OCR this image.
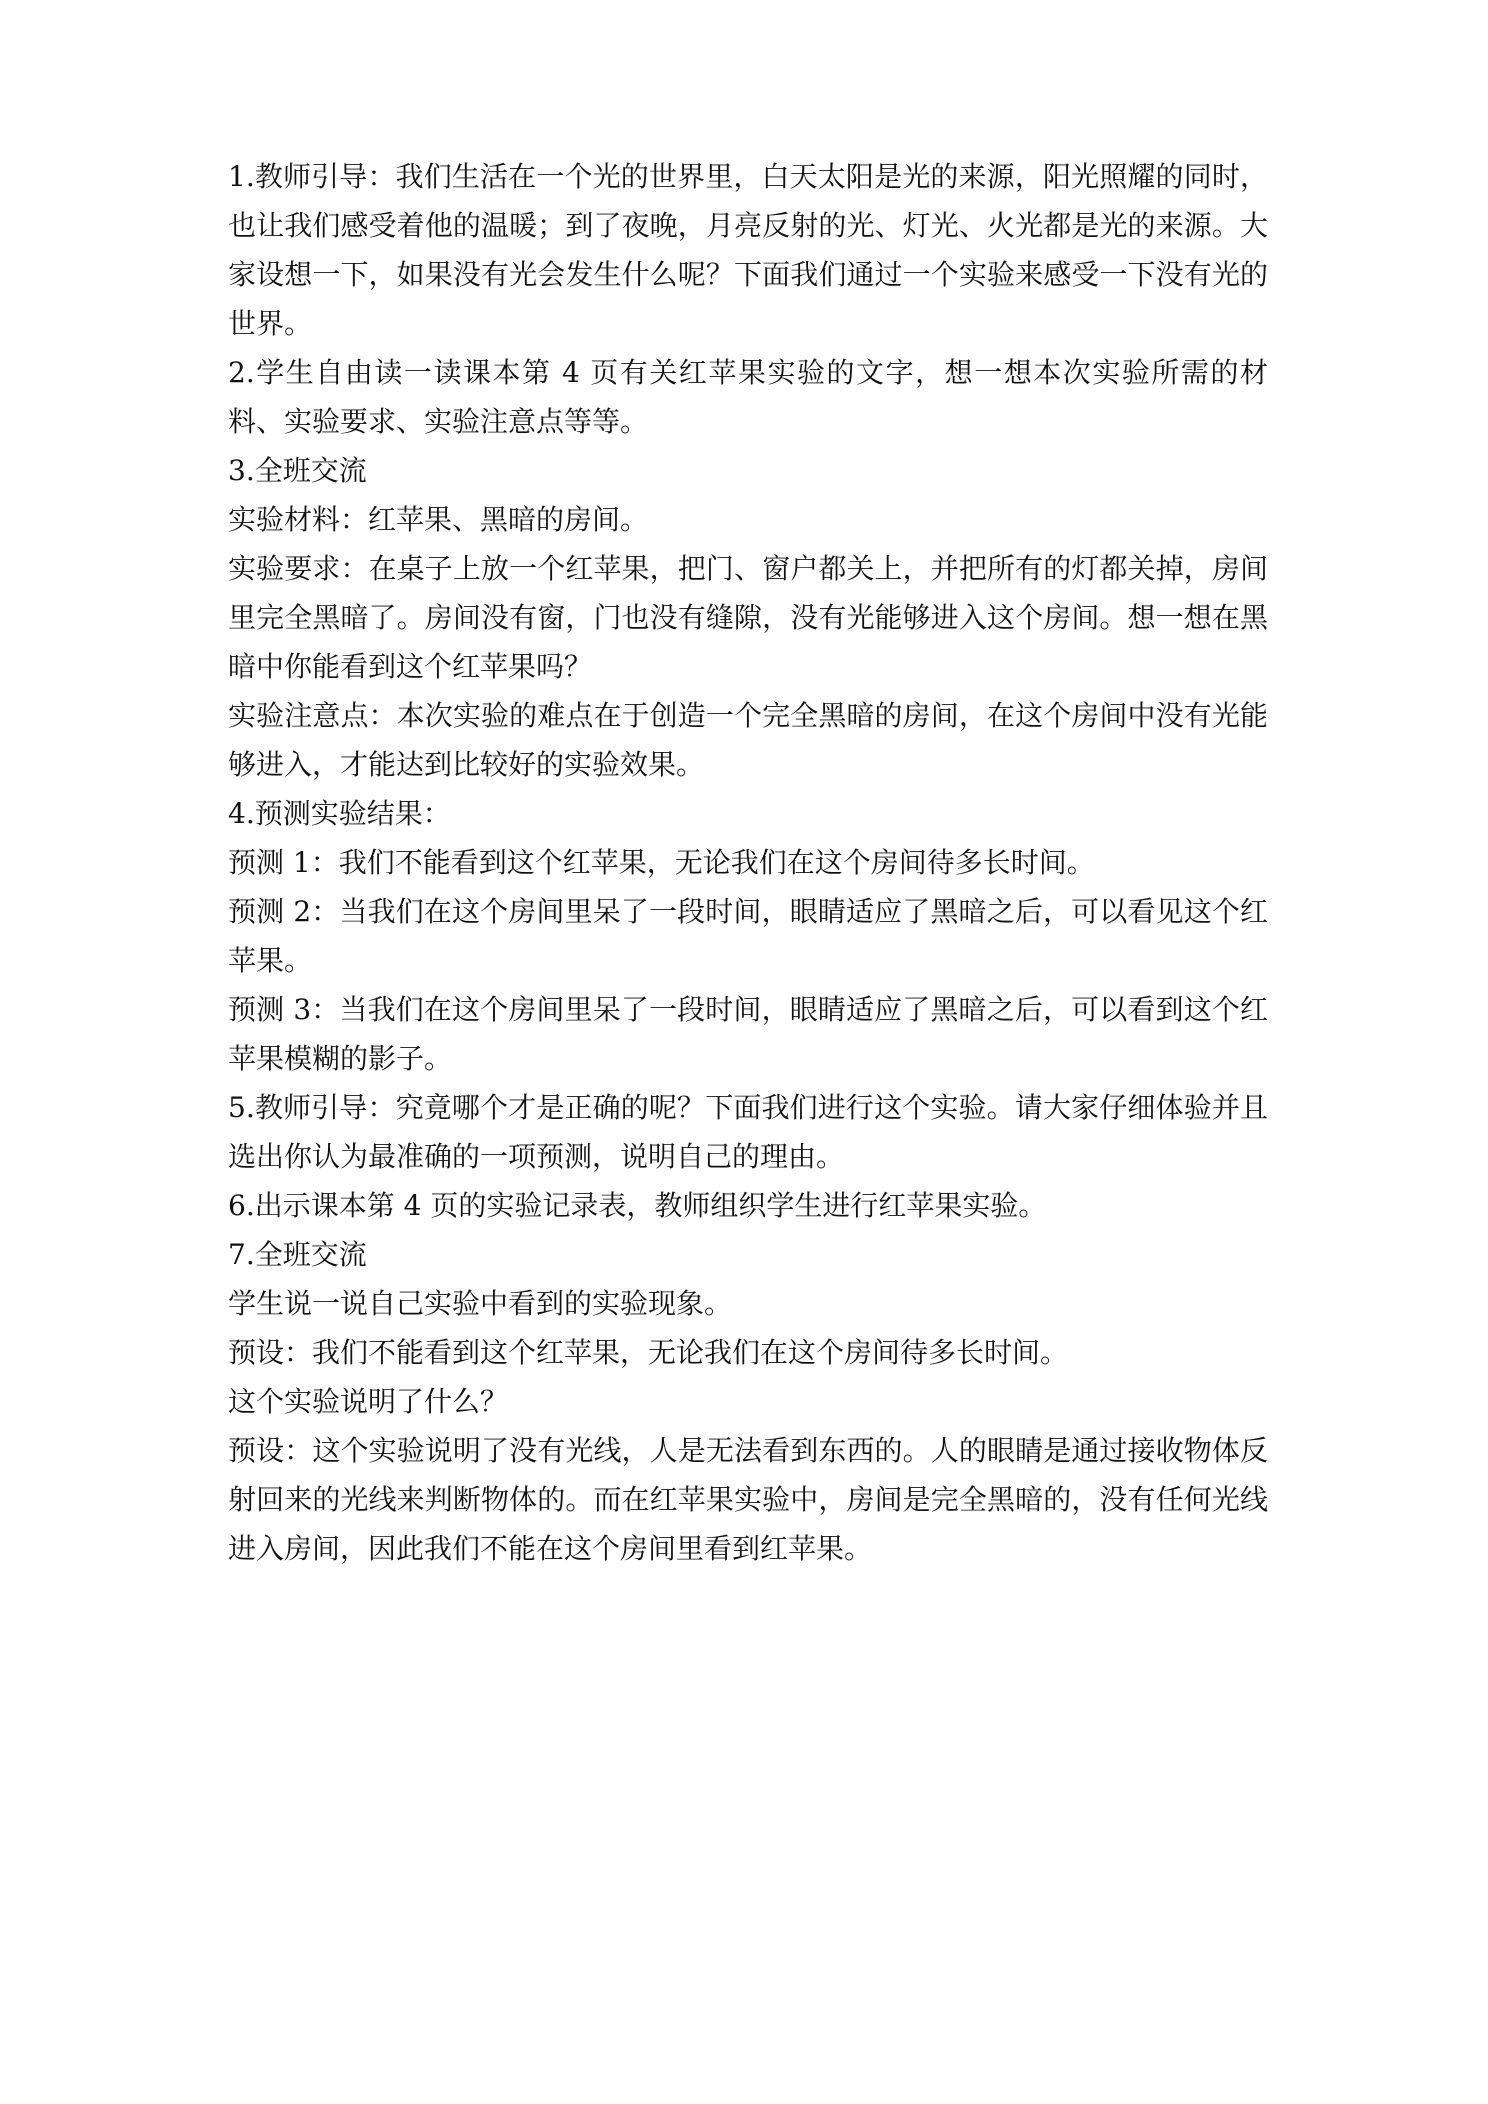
1.教师引导：我们生活在一个光的世界里，白天太阳是光的来源，阳光照耀的同时，也让我们感受着他的温暖；到了夜晚，月亮反射的光、灯光、火光都是光的来源。大家设想一下，如果没有光会发生什么呢？下面我们通过一个实验来感受一下没有光的世界。

2.学生自由读一读课本第 4 页有关红苹果实验的文字，想一想本次实验所需的材料、实验要求、实验注意点等等。

3.全班交流

实验材料：红苹果、黑暗的房间。

实验要求：在桌子上放一个红苹果，把门、窗户都关上，并把所有的灯都关掉，房间里完全黑暗了。房间没有窗，门也没有缝隙，没有光能够进入这个房间。想一想在黑暗中你能看到这个红苹果吗？

实验注意点：本次实验的难点在于创造一个完全黑暗的房间，在这个房间中没有光能够进入，才能达到比较好的实验效果。

4.预测实验结果：

预测 1：我们不能看到这个红苹果，无论我们在这个房间待多长时间。

预测 2：当我们在这个房间里呆了一段时间，眼睛适应了黑暗之后，可以看见这个红苹果。

预测 3：当我们在这个房间里呆了一段时间，眼睛适应了黑暗之后，可以看到这个红苹果模糊的影子。

5.教师引导：究竟哪个才是正确的呢？下面我们进行这个实验。请大家仔细体验并且选出你认为最准确的一项预测，说明自己的理由。

6.出示课本第 4 页的实验记录表，教师组织学生进行红苹果实验。

7.全班交流

学生说一说自己实验中看到的实验现象。

预设：我们不能看到这个红苹果，无论我们在这个房间待多长时间。

这个实验说明了什么？

预设：这个实验说明了没有光线，人是无法看到东西的。人的眼睛是通过接收物体反射回来的光线来判断物体的。而在红苹果实验中，房间是完全黑暗的，没有任何光线进入房间，因此我们不能在这个房间里看到红苹果。
